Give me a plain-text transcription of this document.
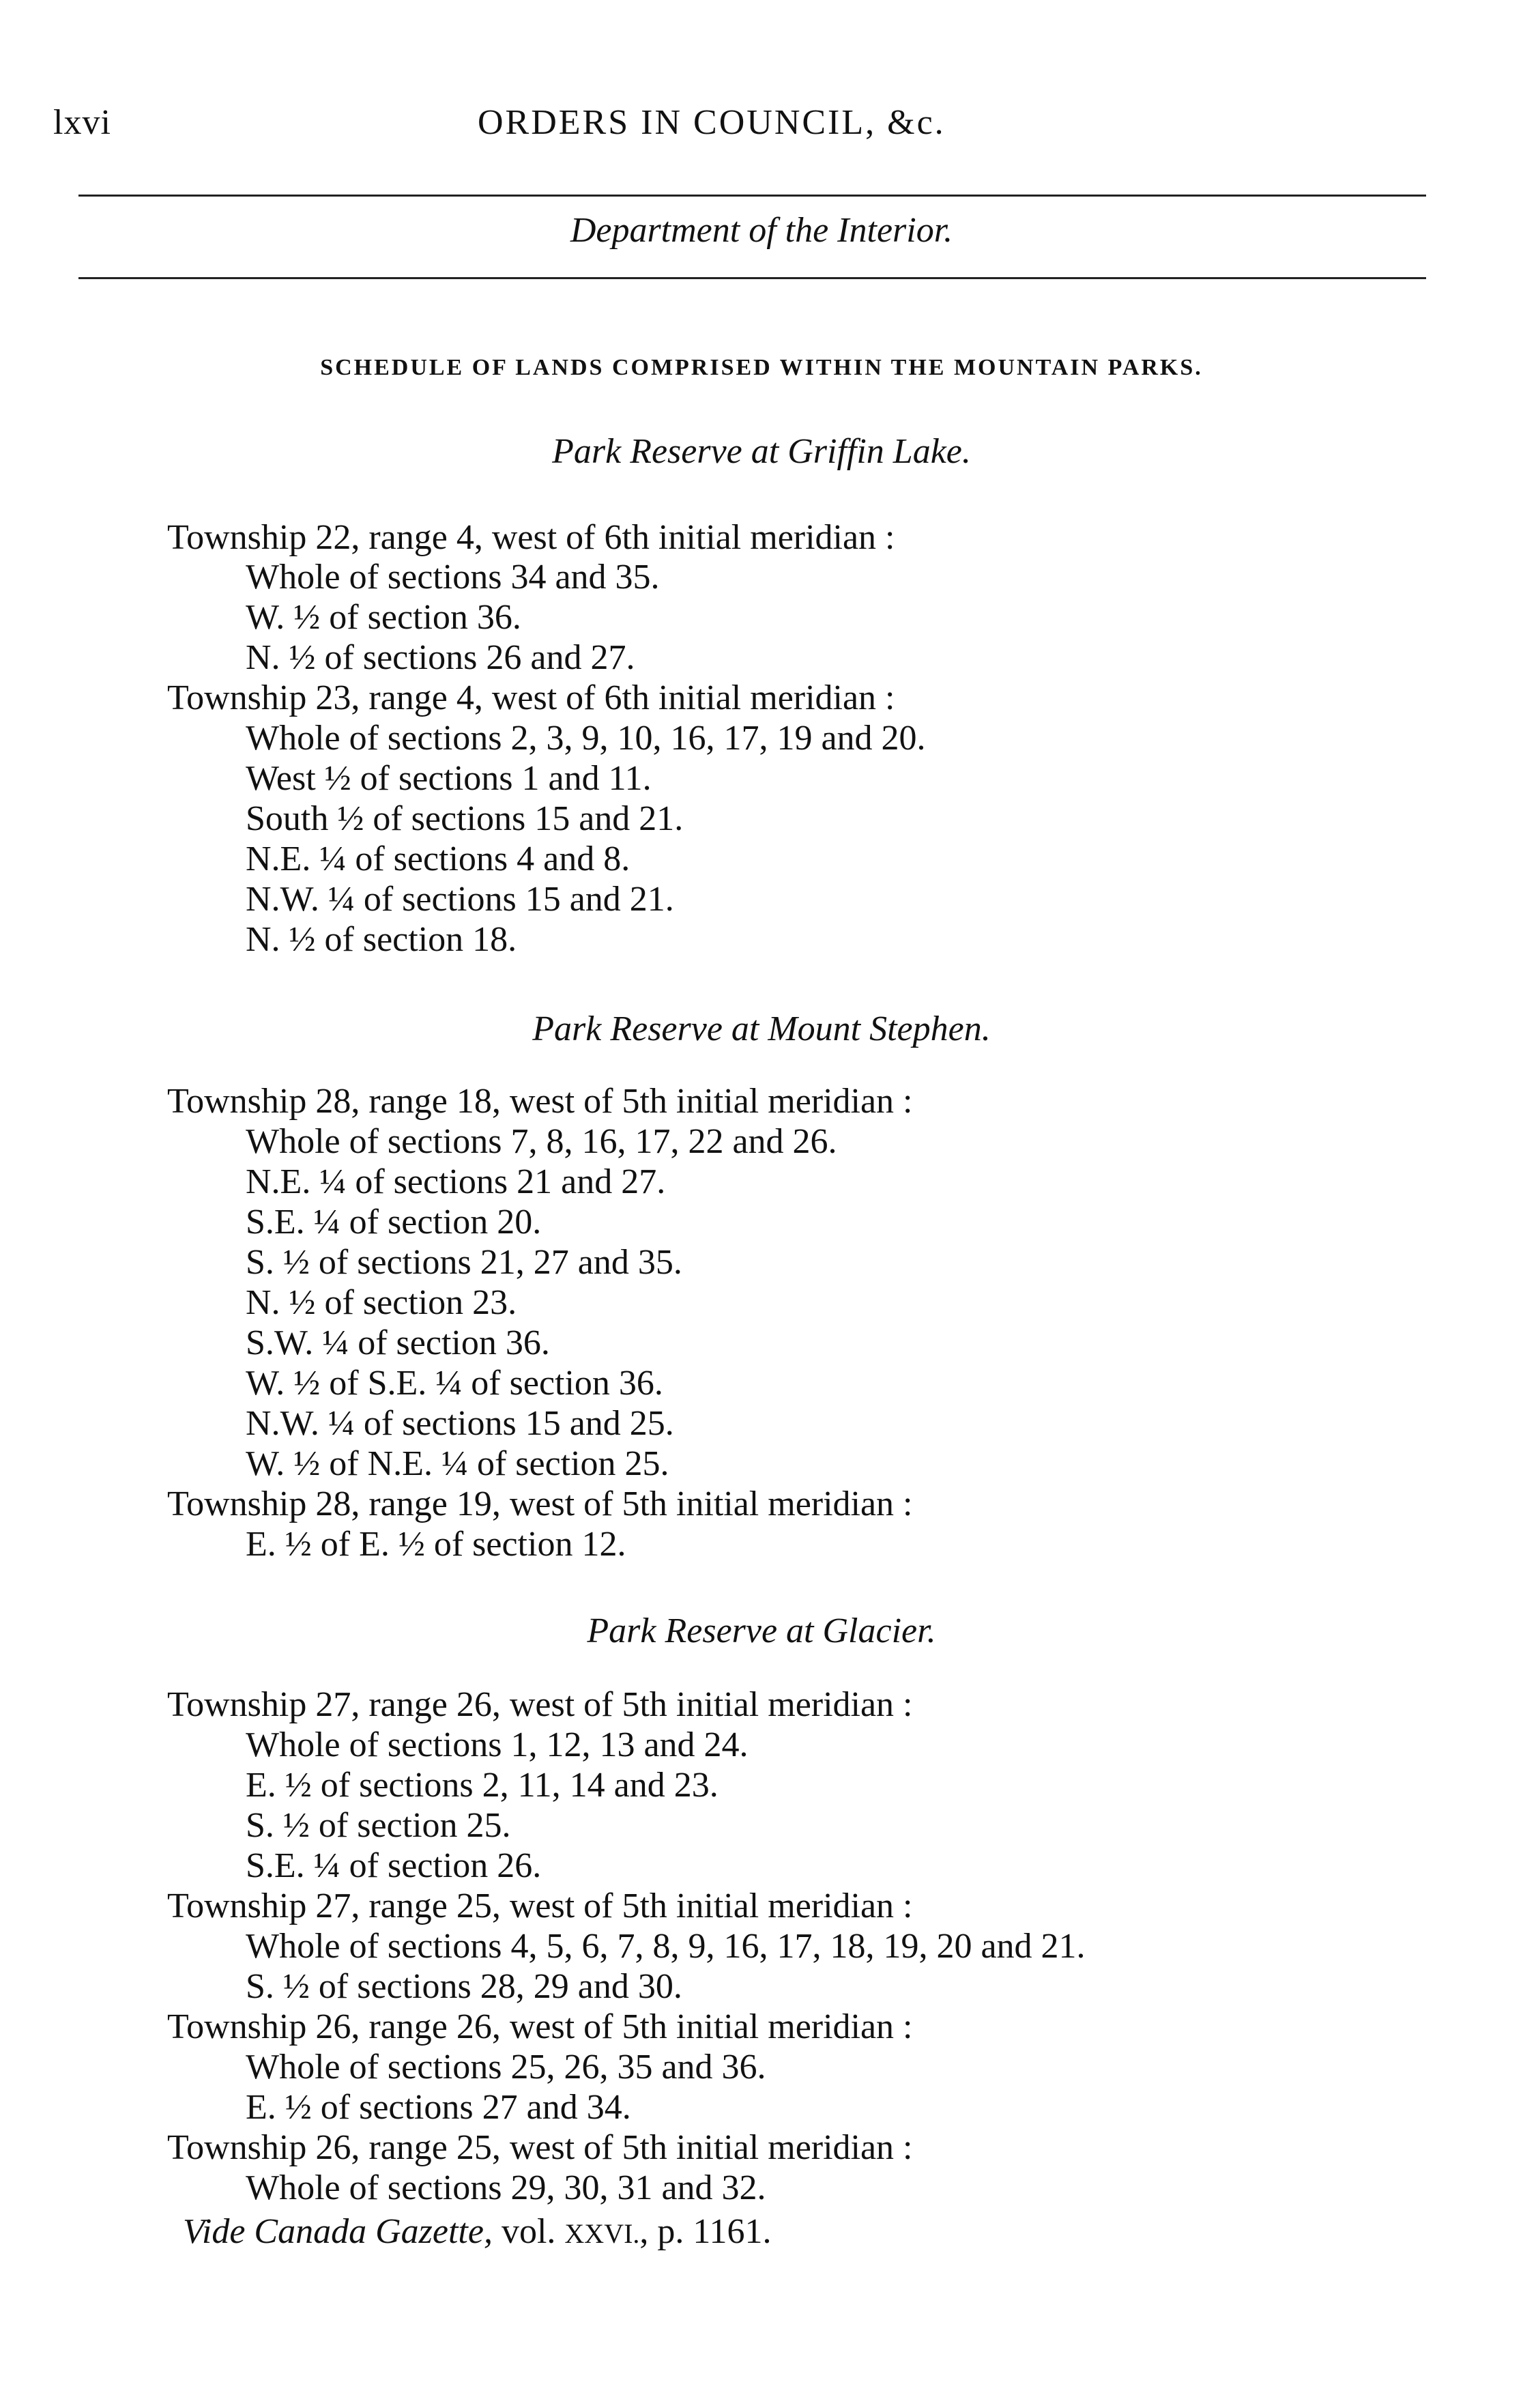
lxvi	ORDERS IN COUNCIL, &c.
Department of the Interior.
SCHEDULE OF LANDS COMPRISED WITHIN THE MOUNTAIN PARKS.
Park Reserve at Griffin Lake.
Township 22, range 4, west of 6th initial meridian :
Whole of sections 34 and 35.
W. ½ of section 36.
N. ½ of sections 26 and 27.
Township 23, range 4, west of 6th initial meridian :
Whole of sections 2, 3, 9, 10, 16, 17, 19 and 20.
West ½ of sections 1 and 11.
South ½ of sections 15 and 21.
N.E. ¼ of sections 4 and 8.
N.W. ¼ of sections 15 and 21.
N. ½ of section 18.
Park Reserve at Mount Stephen.
Township 28, range 18, west of 5th initial meridian :
Whole of sections 7, 8, 16, 17, 22 and 26.
N.E. ¼ of sections 21 and 27.
S.E. ¼ of section 20.
S. ½ of sections 21, 27 and 35.
N. ½ of section 23.
S.W. ¼ of section 36.
W. ½ of S.E. ¼ of section 36.
N.W. ¼ of sections 15 and 25.
W. ½ of N.E. ¼ of section 25.
Township 28, range 19, west of 5th initial meridian :
E. ½ of E. ½ of section 12.
Park Reserve at Glacier.
Township 27, range 26, west of 5th initial meridian :
Whole of sections 1, 12, 13 and 24.
E. ½ of sections 2, 11, 14 and 23.
S. ½ of section 25.
S.E. ¼ of section 26.
Township 27, range 25, west of 5th initial meridian :
Whole of sections 4, 5, 6, 7, 8, 9, 16, 17, 18, 19, 20 and 21.
S. ½ of sections 28, 29 and 30.
Township 26, range 26, west of 5th initial meridian :
Whole of sections 25, 26, 35 and 36.
E. ½ of sections 27 and 34.
Township 26, range 25, west of 5th initial meridian :
Whole of sections 29, 30, 31 and 32.
Vide Canada Gazette, vol. XXVI., p. 1161.
